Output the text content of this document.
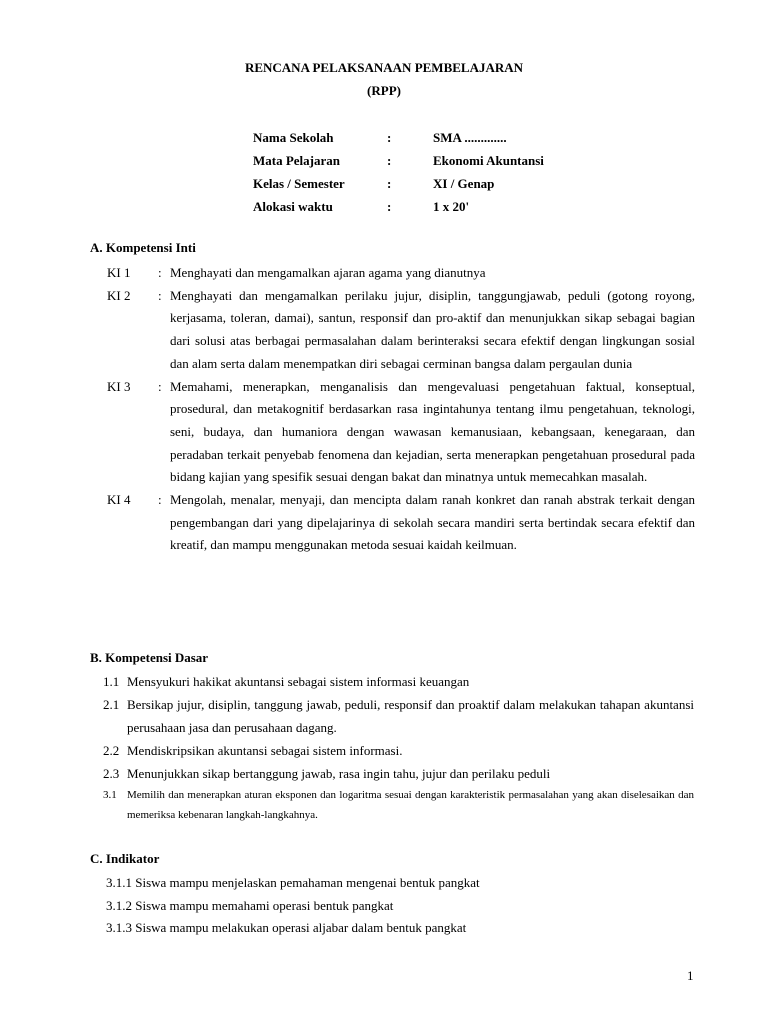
RENCANA PELAKSANAAN PEMBELAJARAN
(RPP)
Nama Sekolah	:	SMA .............
Mata Pelajaran	:	Ekonomi Akuntansi
Kelas / Semester	:	XI / Genap
Alokasi waktu	:	1 x 20'
A. Kompetensi Inti
KI 1	: Menghayati dan mengamalkan ajaran agama yang dianutnya
KI 2	: Menghayati dan mengamalkan perilaku jujur, disiplin, tanggungjawab, peduli (gotong royong, kerjasama, toleran, damai), santun, responsif dan pro-aktif dan menunjukkan sikap sebagai bagian dari solusi atas berbagai permasalahan dalam berinteraksi secara efektif dengan lingkungan sosial dan alam serta dalam menempatkan diri sebagai cerminan bangsa dalam pergaulan dunia
KI 3	: Memahami, menerapkan, menganalisis dan mengevaluasi pengetahuan faktual, konseptual, prosedural, dan metakognitif berdasarkan rasa ingintahunya tentang ilmu pengetahuan, teknologi, seni, budaya, dan humaniora dengan wawasan kemanusiaan, kebangsaan, kenegaraan, dan peradaban terkait penyebab fenomena dan kejadian, serta menerapkan pengetahuan prosedural pada bidang kajian yang spesifik sesuai dengan bakat dan minatnya untuk memecahkan masalah.
KI 4	: Mengolah, menalar, menyaji, dan mencipta dalam ranah konkret dan ranah abstrak terkait dengan pengembangan dari yang dipelajarinya di sekolah secara mandiri serta bertindak secara efektif dan kreatif, dan mampu menggunakan metoda sesuai kaidah keilmuan.
B. Kompetensi Dasar
1.1 Mensyukuri hakikat akuntansi sebagai sistem informasi keuangan
2.1 Bersikap jujur, disiplin, tanggung jawab, peduli, responsif dan proaktif dalam melakukan tahapan akuntansi perusahaan jasa dan perusahaan dagang.
2.2 Mendiskripsikan akuntansi sebagai sistem informasi.
2.3 Menunjukkan sikap bertanggung jawab, rasa ingin tahu, jujur dan perilaku peduli
3.1 Memilih dan menerapkan aturan eksponen dan logaritma sesuai dengan karakteristik permasalahan yang akan diselesaikan dan memeriksa kebenaran langkah-langkahnya.
C. Indikator
3.1.1 Siswa mampu menjelaskan pemahaman mengenai bentuk pangkat
3.1.2 Siswa mampu memahami operasi bentuk pangkat
3.1.3 Siswa mampu melakukan operasi aljabar dalam bentuk pangkat
1
